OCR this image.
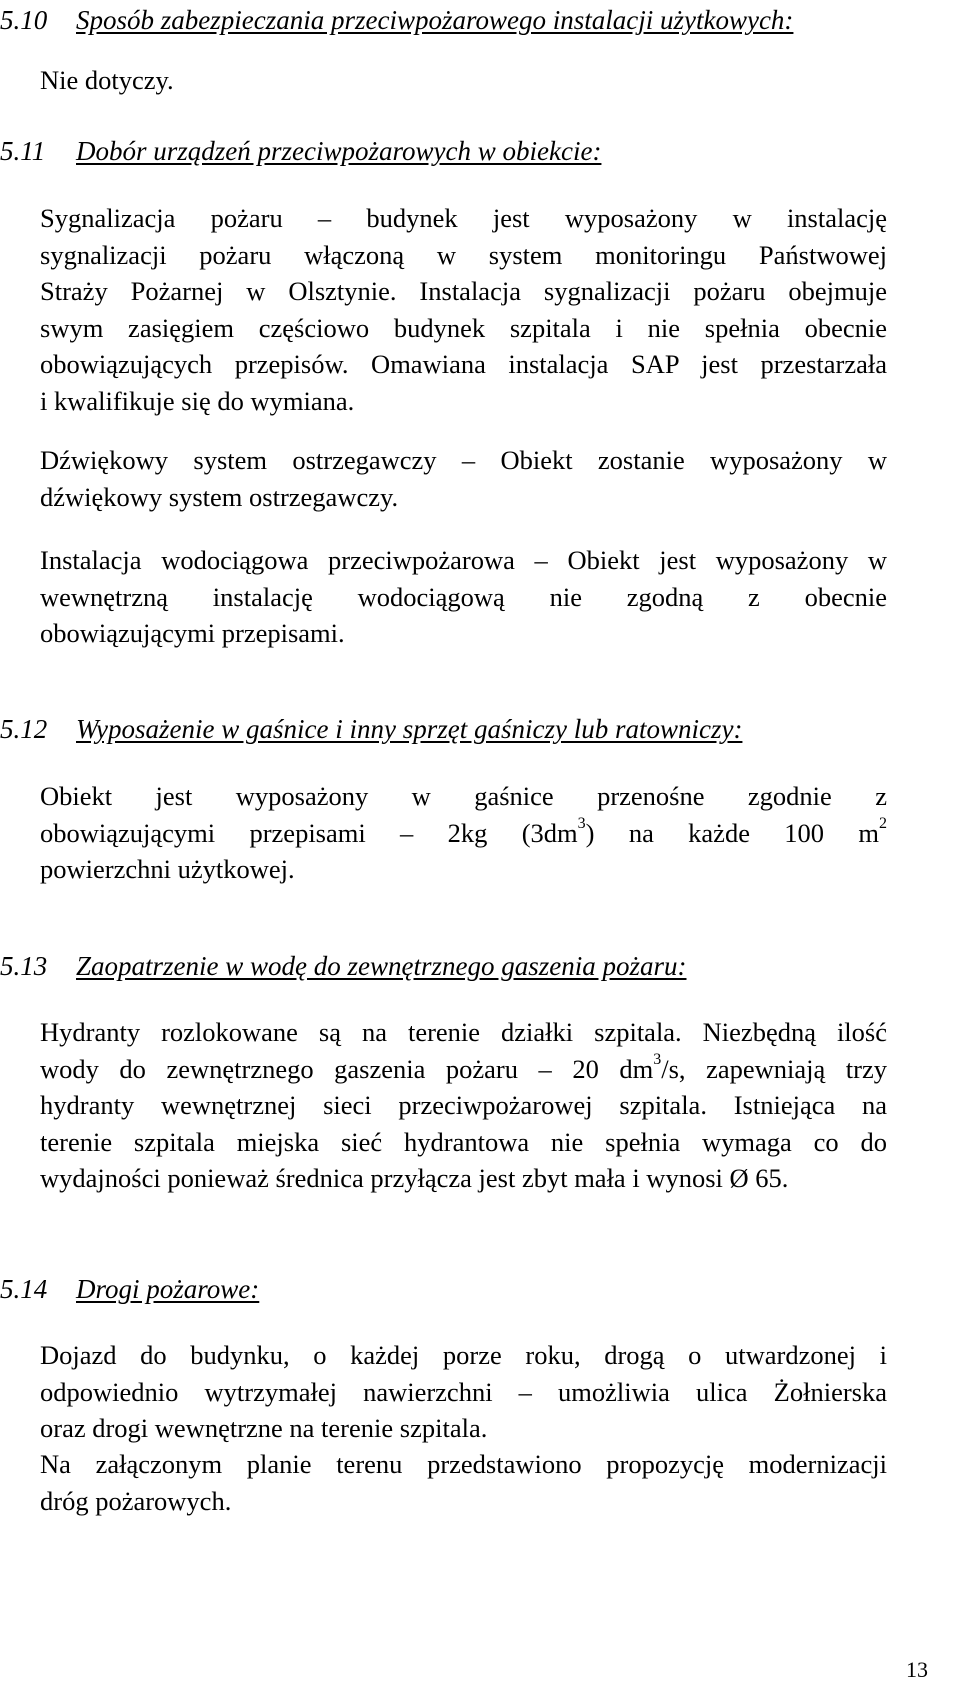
5.10 Sposób zabezpieczania przeciwpożarowego instalacji użytkowych:
Nie dotyczy.
5.11 Dobór urządzeń przeciwpożarowych w obiekcie:
Sygnalizacja pożaru – budynek jest wyposażony w instalację
sygnalizacji pożaru włączoną w system monitoringu Państwowej
Straży Pożarnej w Olsztynie. Instalacja sygnalizacji pożaru obejmuje
swym zasięgiem częściowo budynek szpitala i nie spełnia obecnie
obowiązujących przepisów. Omawiana instalacja SAP jest przestarzała
i kwalifikuje się do wymiana.
Dźwiękowy system ostrzegawczy – Obiekt zostanie wyposażony w
dźwiękowy system ostrzegawczy.
Instalacja wodociągowa przeciwpożarowa – Obiekt jest wyposażony w
wewnętrzną instalację wodociągową nie zgodną z obecnie
obowiązującymi przepisami.
5.12 Wyposażenie w gaśnice i inny sprzęt gaśniczy lub ratowniczy:
Obiekt jest wyposażony w gaśnice przenośne zgodnie z
obowiązującymi przepisami – 2kg $(3dm^3)$ na każde 100 $m^2$
powierzchni użytkowej.
5.13 Zaopatrzenie w wodę do zewnętrznego gaszenia pożaru:
Hydranty rozlokowane są na terenie działki szpitala. Niezbędną ilość
wody do zewnętrznego gaszenia pożaru – 20 $dm^3/s$, zapewniają trzy
hydranty wewnętrznej sieci przeciwpożarowej szpitala. Istniejąca na
terenie szpitala miejska sieć hydrantowa nie spełnia wymaga co do
wydajności ponieważ średnica przyłącza jest zbyt mała i wynosi Ø 65.
5.14 Drogi pożarowe:
Dojazd do budynku, o każdej porze roku, drogą o utwardzonej i
odpowiednio wytrzymałej nawierzchni – umożliwia ulica Żołnierska
oraz drogi wewnętrzne na terenie szpitala.
Na załączonym planie terenu przedstawiono propozycję modernizacji
dróg pożarowych.
13
